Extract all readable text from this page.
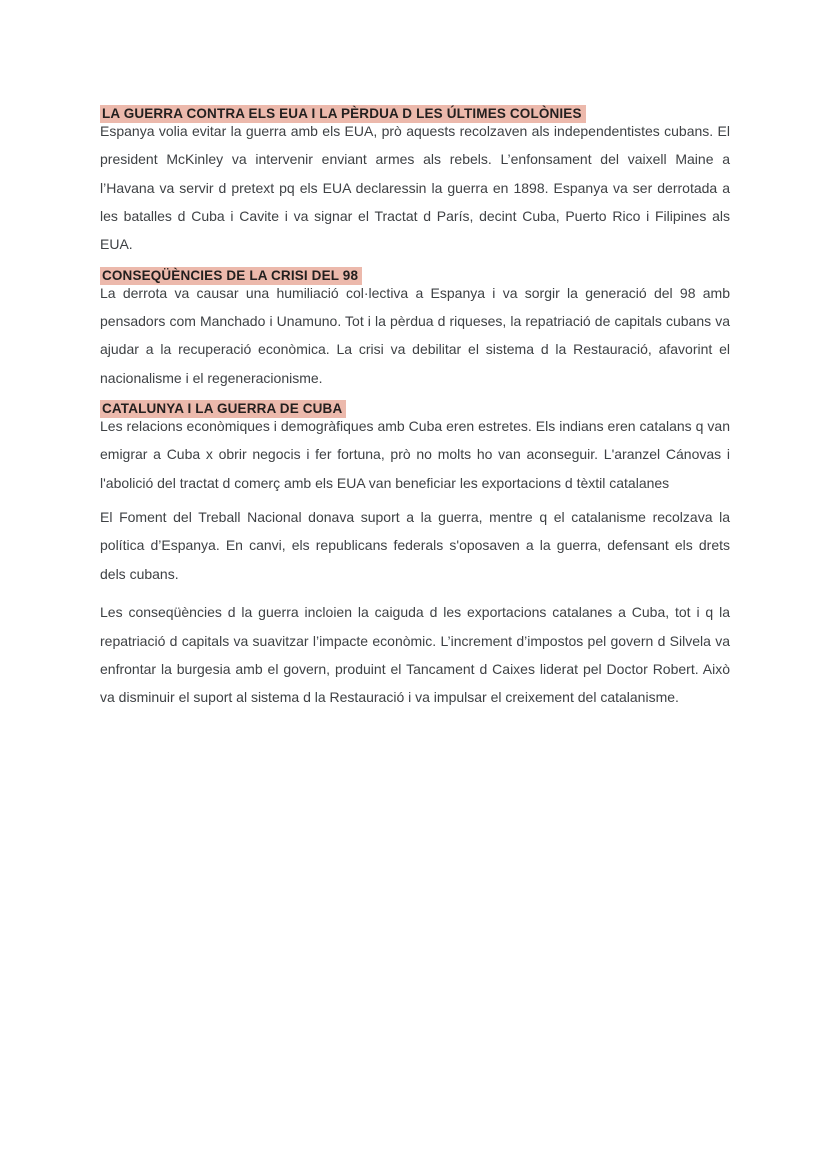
LA GUERRA CONTRA ELS EUA I LA PÈRDUA D LES ÚLTIMES COLÒNIES

Espanya volia evitar la guerra amb els EUA, prò aquests recolzaven als independentistes cubans. El president McKinley va intervenir enviant armes als rebels. L’enfonsament del vaixell Maine a l’Havana va servir d pretext pq els EUA declaressin la guerra en 1898. Espanya va ser derrotada a les batalles d Cuba i Cavite i va signar el Tractat d París, decint Cuba, Puerto Rico i Filipines als EUA.

CONSEQÜÈNCIES DE LA CRISI DEL 98

La derrota va causar una humiliació col·lectiva a Espanya i va sorgir la generació del 98 amb pensadors com Manchado i Unamuno. Tot i la pèrdua d riqueses, la repatriació de capitals cubans va ajudar a la recuperació econòmica. La crisi va debilitar el sistema d la Restauració, afavorint el nacionalisme i el regeneracionisme.

CATALUNYA I LA GUERRA DE CUBA

Les relacions econòmiques i demogràfiques amb Cuba eren estretes. Els indians eren catalans q van emigrar a Cuba x obrir negocis i fer fortuna, prò no molts ho van aconseguir. L'aranzel Cánovas i l'abolició del tractat d comerç amb els EUA van beneficiar les exportacions d tèxtil catalanes

El Foment del Treball Nacional donava suport a la guerra, mentre q el catalanisme recolzava la política d’Espanya. En canvi, els republicans federals s'oposaven a la guerra, defensant els drets dels cubans.

Les conseqüències d la guerra incloien la caiguda d les exportacions catalanes a Cuba, tot i q la repatriació d capitals va suavitzar l’impacte econòmic. L’increment d’impostos pel govern d Silvela va enfrontar la burgesia amb el govern, produint el Tancament d Caixes liderat pel Doctor Robert. Això va disminuir el suport al sistema d la Restauració i va impulsar el creixement del catalanisme.
